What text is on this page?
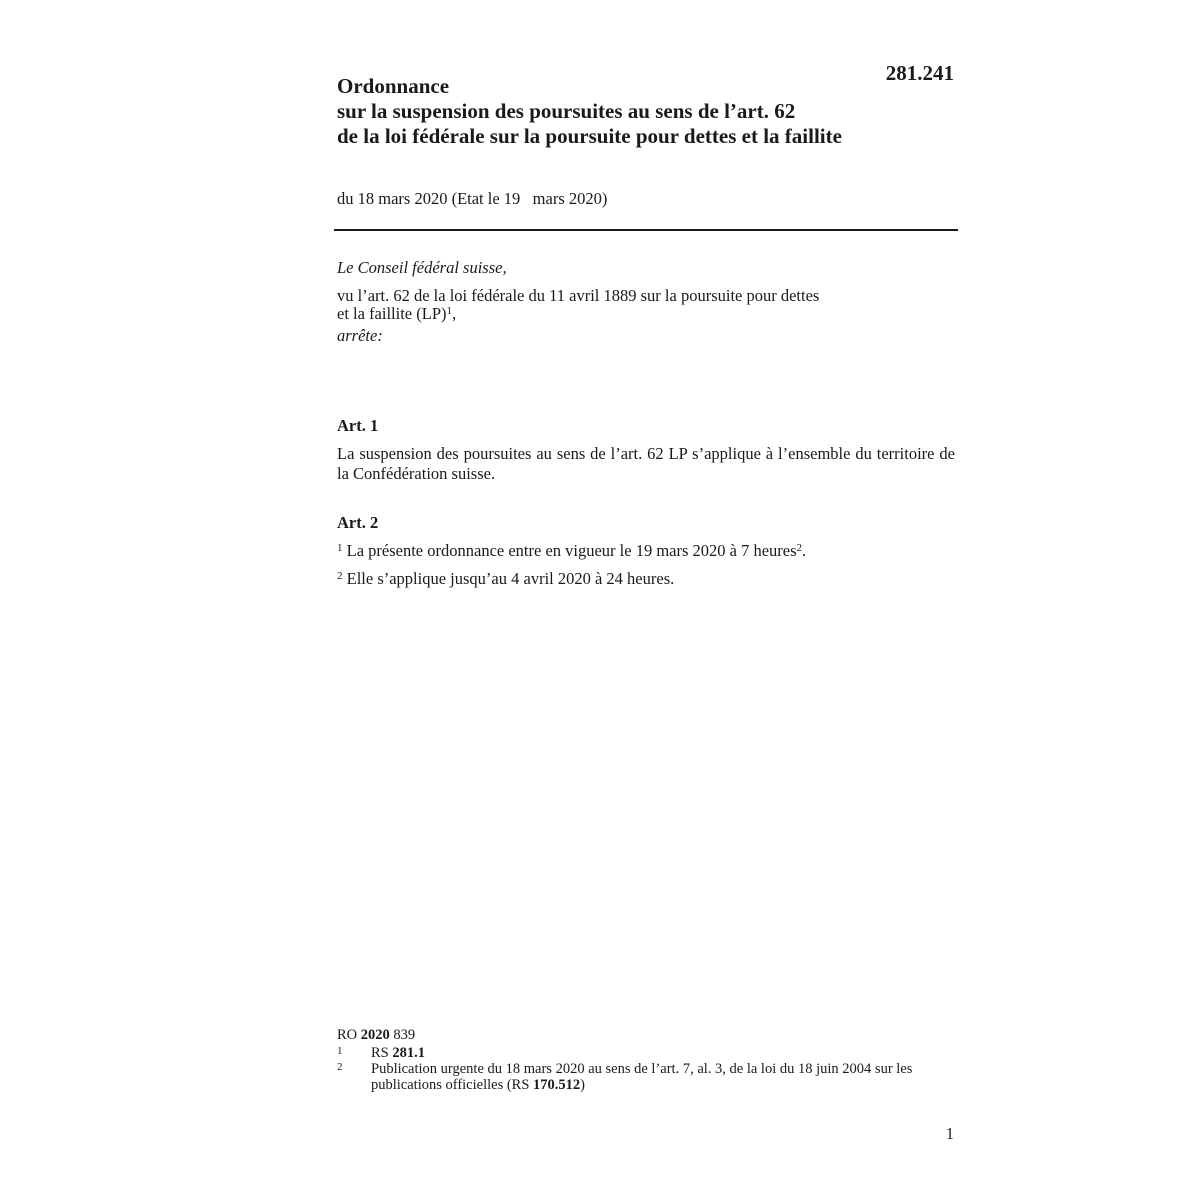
281.241
Ordonnance
sur la suspension des poursuites au sens de l’art. 62
de la loi fédérale sur la poursuite pour dettes et la faillite
du 18 mars 2020 (Etat le 19   mars 2020)
Le Conseil fédéral suisse,
vu l’art. 62 de la loi fédérale du 11 avril 1889 sur la poursuite pour dettes
et la faillite (LP)$^1$,
arrête:
Art. 1
La suspension des poursuites au sens de l’art. 62 LP s’applique à l’ensemble du territoire de la Confédération suisse.
Art. 2
$^1$ La présente ordonnance entre en vigueur le 19 mars 2020 à 7 heures$^2$.
$^2$ Elle s’applique jusqu’au 4 avril 2020 à 24 heures.
RO 2020 839
1	RS 281.1
2	Publication urgente du 18 mars 2020 au sens de l’art. 7, al. 3, de la loi du 18 juin 2004 sur les publications officielles (RS 170.512)
1
